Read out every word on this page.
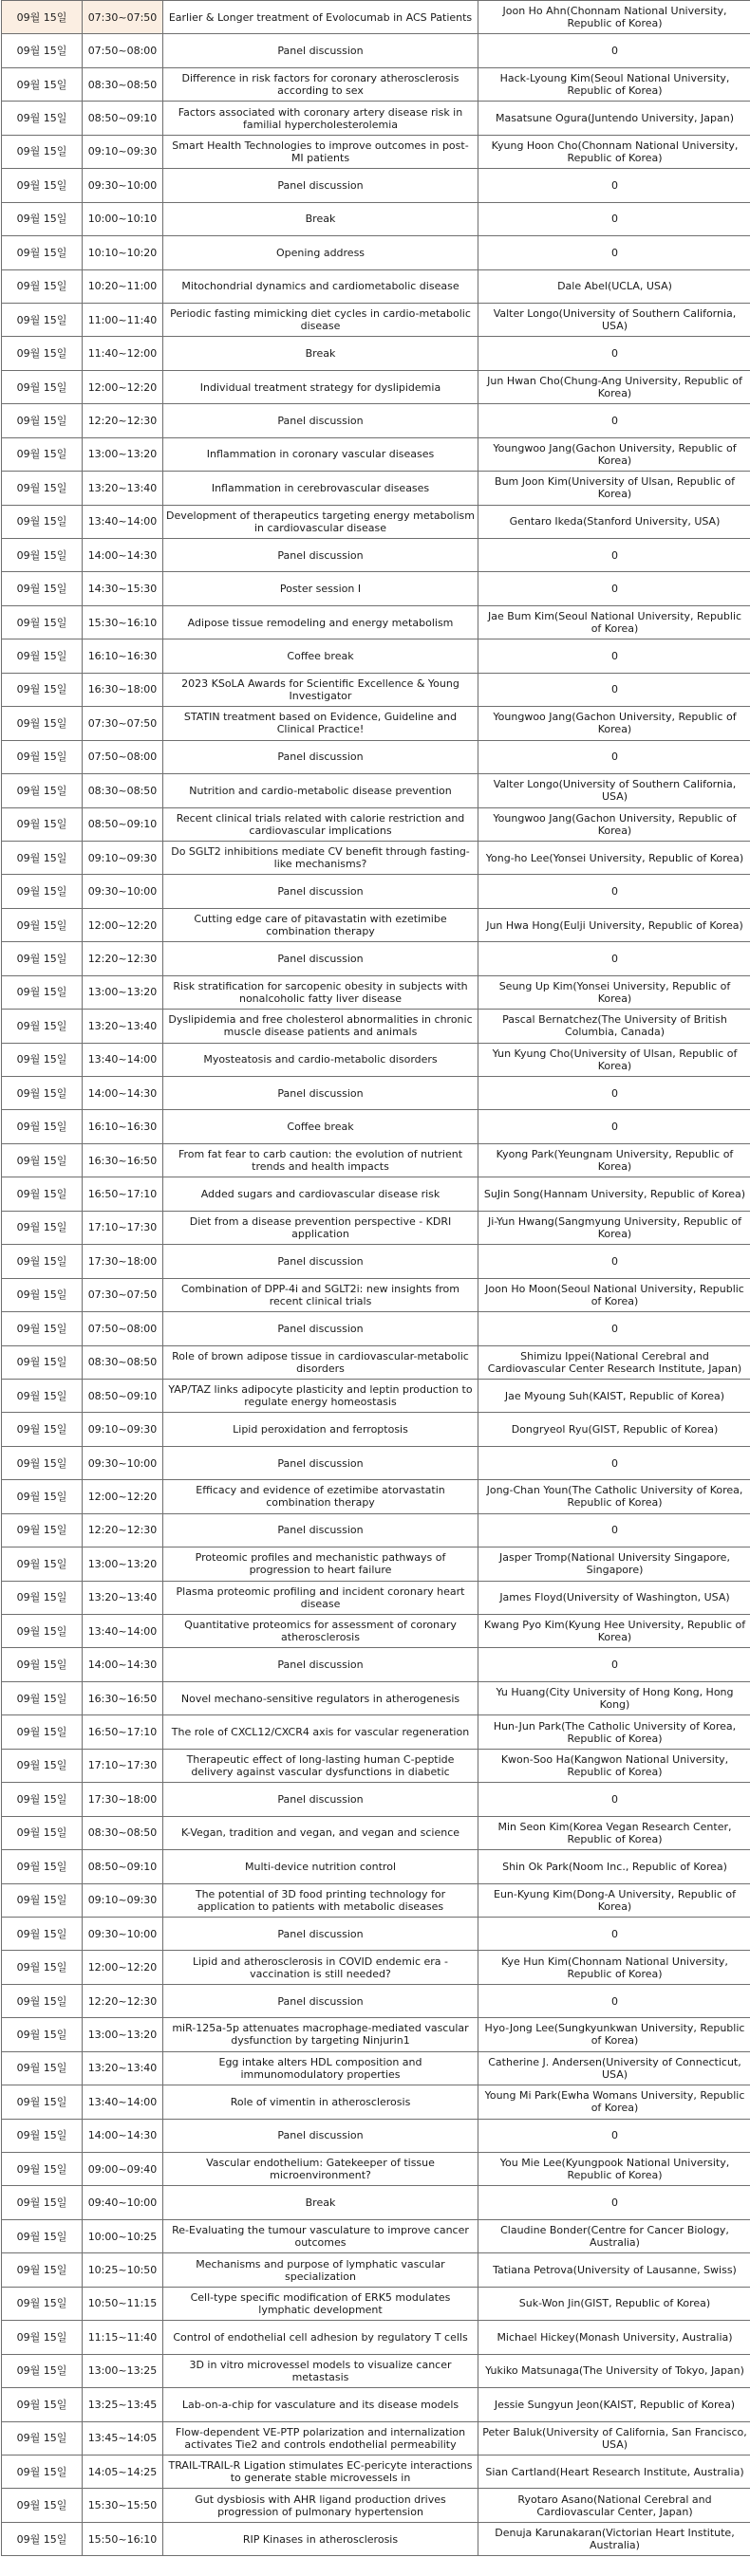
09월 15일	07:30~07:50	Earlier & Longer treatment of Evolocumab in ACS Patients	Joon Ho Ahn(Chonnam National University, Republic of Korea)
09월 15일	07:50~08:00	Panel discussion	0
09월 15일	08:30~08:50	Difference in risk factors for coronary atherosclerosis according to sex	Hack-Lyoung Kim(Seoul National University, Republic of Korea)
09월 15일	08:50~09:10	Factors associated with coronary artery disease risk in familial hypercholesterolemia	Masatsune Ogura(Juntendo University, Japan)
09월 15일	09:10~09:30	Smart Health Technologies to improve outcomes in post-MI patients	Kyung Hoon Cho(Chonnam National University, Republic of Korea)
09월 15일	09:30~10:00	Panel discussion	0
09월 15일	10:00~10:10	Break	0
09월 15일	10:10~10:20	Opening address	0
09월 15일	10:20~11:00	Mitochondrial dynamics and cardiometabolic disease	Dale Abel(UCLA, USA)
09월 15일	11:00~11:40	Periodic fasting mimicking diet cycles in cardio-metabolic disease	Valter Longo(University of Southern California, USA)
09월 15일	11:40~12:00	Break	0
09월 15일	12:00~12:20	Individual treatment strategy for dyslipidemia	Jun Hwan Cho(Chung-Ang University, Republic of Korea)
09월 15일	12:20~12:30	Panel discussion	0
09월 15일	13:00~13:20	Inflammation in coronary vascular diseases	Youngwoo Jang(Gachon University, Republic of Korea)
09월 15일	13:20~13:40	Inflammation in cerebrovascular diseases	Bum Joon Kim(University of Ulsan, Republic of Korea)
09월 15일	13:40~14:00	Development of therapeutics targeting energy metabolism in cardiovascular disease	Gentaro Ikeda(Stanford University, USA)
09월 15일	14:00~14:30	Panel discussion	0
09월 15일	14:30~15:30	Poster session I	0
09월 15일	15:30~16:10	Adipose tissue remodeling and energy metabolism	Jae Bum Kim(Seoul National University, Republic of Korea)
09월 15일	16:10~16:30	Coffee break	0
09월 15일	16:30~18:00	2023 KSoLA Awards for Scientific Excellence & Young Investigator	0
09월 15일	07:30~07:50	STATIN treatment based on Evidence, Guideline and Clinical Practice!	Youngwoo Jang(Gachon University, Republic of Korea)
09월 15일	07:50~08:00	Panel discussion	0
09월 15일	08:30~08:50	Nutrition and cardio-metabolic disease prevention	Valter Longo(University of Southern California, USA)
09월 15일	08:50~09:10	Recent clinical trials related with calorie restriction and cardiovascular implications	Youngwoo Jang(Gachon University, Republic of Korea)
09월 15일	09:10~09:30	Do SGLT2 inhibitions mediate CV benefit through fasting-like mechanisms?	Yong-ho Lee(Yonsei University, Republic of Korea)
09월 15일	09:30~10:00	Panel discussion	0
09월 15일	12:00~12:20	Cutting edge care of pitavastatin with ezetimibe combination therapy	Jun Hwa Hong(Eulji University, Republic of Korea)
09월 15일	12:20~12:30	Panel discussion	0
09월 15일	13:00~13:20	Risk stratification for sarcopenic obesity in subjects with nonalcoholic fatty liver disease	Seung Up Kim(Yonsei University, Republic of Korea)
09월 15일	13:20~13:40	Dyslipidemia and free cholesterol abnormalities in chronic muscle disease patients and animals	Pascal Bernatchez(The University of British Columbia, Canada)
09월 15일	13:40~14:00	Myosteatosis and cardio-metabolic disorders	Yun Kyung Cho(University of Ulsan, Republic of Korea)
09월 15일	14:00~14:30	Panel discussion	0
09월 15일	16:10~16:30	Coffee break	0
09월 15일	16:30~16:50	From fat fear to carb caution: the evolution of nutrient trends and health impacts	Kyong Park(Yeungnam University, Republic of Korea)
09월 15일	16:50~17:10	Added sugars and cardiovascular disease risk	SuJin Song(Hannam University, Republic of Korea)
09월 15일	17:10~17:30	Diet from a disease prevention perspective - KDRI application	Ji-Yun Hwang(Sangmyung University, Republic of Korea)
09월 15일	17:30~18:00	Panel discussion	0
09월 15일	07:30~07:50	Combination of DPP-4i and SGLT2i: new insights from recent clinical trials	Joon Ho Moon(Seoul National University, Republic of Korea)
09월 15일	07:50~08:00	Panel discussion	0
09월 15일	08:30~08:50	Role of brown adipose tissue in cardiovascular-metabolic disorders	Shimizu Ippei(National Cerebral and Cardiovascular Center Research Institute, Japan)
09월 15일	08:50~09:10	YAP/TAZ links adipocyte plasticity and leptin production to regulate energy homeostasis	Jae Myoung Suh(KAIST, Republic of Korea)
09월 15일	09:10~09:30	Lipid peroxidation and ferroptosis	Dongryeol Ryu(GIST, Republic of Korea)
09월 15일	09:30~10:00	Panel discussion	0
09월 15일	12:00~12:20	Efficacy and evidence of ezetimibe atorvastatin combination therapy	Jong-Chan Youn(The Catholic University of Korea, Republic of Korea)
09월 15일	12:20~12:30	Panel discussion	0
09월 15일	13:00~13:20	Proteomic profiles and mechanistic pathways of progression to heart failure	Jasper Tromp(National University Singapore, Singapore)
09월 15일	13:20~13:40	Plasma proteomic profiling and incident coronary heart disease	James Floyd(University of Washington, USA)
09월 15일	13:40~14:00	Quantitative proteomics for assessment of coronary atherosclerosis	Kwang Pyo Kim(Kyung Hee University, Republic of Korea)
09월 15일	14:00~14:30	Panel discussion	0
09월 15일	16:30~16:50	Novel mechano-sensitive regulators in atherogenesis	Yu Huang(City University of Hong Kong, Hong Kong)
09월 15일	16:50~17:10	The role of CXCL12/CXCR4 axis for vascular regeneration	Hun-Jun Park(The Catholic University of Korea, Republic of Korea)
09월 15일	17:10~17:30	Therapeutic effect of long-lasting human C-peptide delivery against vascular dysfunctions in diabetic	Kwon-Soo Ha(Kangwon National University, Republic of Korea)
09월 15일	17:30~18:00	Panel discussion	0
09월 15일	08:30~08:50	K-Vegan, tradition and vegan, and vegan and science	Min Seon Kim(Korea Vegan Research Center, Republic of Korea)
09월 15일	08:50~09:10	Multi-device nutrition control	Shin Ok Park(Noom Inc., Republic of Korea)
09월 15일	09:10~09:30	The potential of 3D food printing technology for application to patients with metabolic diseases	Eun-Kyung Kim(Dong-A University, Republic of Korea)
09월 15일	09:30~10:00	Panel discussion	0
09월 15일	12:00~12:20	Lipid and atherosclerosis in COVID endemic era - vaccination is still needed?	Kye Hun Kim(Chonnam National University, Republic of Korea)
09월 15일	12:20~12:30	Panel discussion	0
09월 15일	13:00~13:20	miR-125a-5p attenuates macrophage-mediated vascular dysfunction by targeting Ninjurin1	Hyo-Jong Lee(Sungkyunkwan University, Republic of Korea)
09월 15일	13:20~13:40	Egg intake alters HDL composition and immunomodulatory properties	Catherine J. Andersen(University of Connecticut, USA)
09월 15일	13:40~14:00	Role of vimentin in atherosclerosis	Young Mi Park(Ewha Womans University, Republic of Korea)
09월 15일	14:00~14:30	Panel discussion	0
09월 15일	09:00~09:40	Vascular endothelium: Gatekeeper of tissue microenvironment?	You Mie Lee(Kyungpook National University, Republic of Korea)
09월 15일	09:40~10:00	Break	0
09월 15일	10:00~10:25	Re-Evaluating the tumour vasculature to improve cancer outcomes	Claudine Bonder(Centre for Cancer Biology, Australia)
09월 15일	10:25~10:50	Mechanisms and purpose of lymphatic vascular specialization	Tatiana Petrova(University of Lausanne, Swiss)
09월 15일	10:50~11:15	Cell-type specific modification of ERK5 modulates lymphatic development	Suk-Won Jin(GIST, Republic of Korea)
09월 15일	11:15~11:40	Control of endothelial cell adhesion by regulatory T cells	Michael Hickey(Monash University, Australia)
09월 15일	13:00~13:25	3D in vitro microvessel models to visualize cancer metastasis	Yukiko Matsunaga(The University of Tokyo, Japan)
09월 15일	13:25~13:45	Lab-on-a-chip for vasculature and its disease models	Jessie Sungyun Jeon(KAIST, Republic of Korea)
09월 15일	13:45~14:05	Flow-dependent VE-PTP polarization and internalization activates Tie2 and controls endothelial permeability	Peter Baluk(University of California, San Francisco, USA)
09월 15일	14:05~14:25	TRAIL-TRAIL-R Ligation stimulates EC-pericyte interactions to generate stable microvessels in	Sian Cartland(Heart Research Institute, Australia)
09월 15일	15:30~15:50	Gut dysbiosis with AHR ligand production drives progression of pulmonary hypertension	Ryotaro Asano(National Cerebral and Cardiovascular Center, Japan)
09월 15일	15:50~16:10	RIP Kinases in atherosclerosis	Denuja Karunakaran(Victorian Heart Institute, Australia)
